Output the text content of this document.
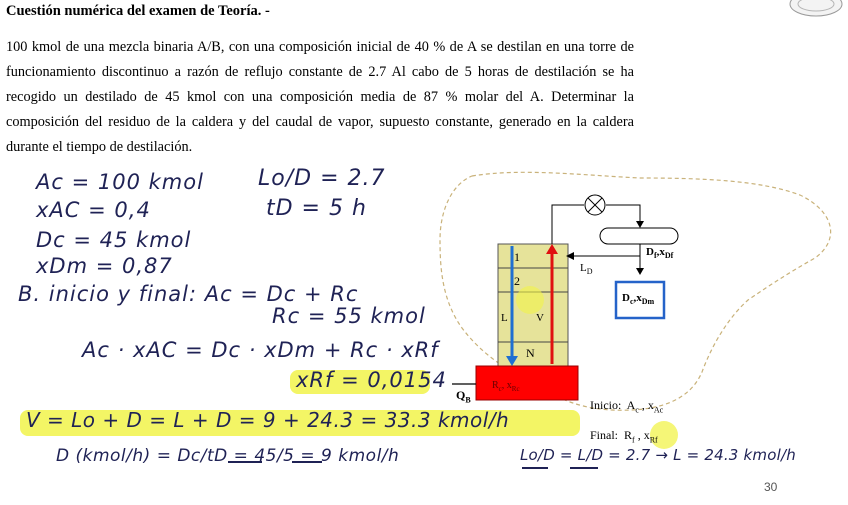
Cuestión numérica del examen de Teoría. -
100 kmol de una mezcla binaria A/B, con una composición inicial de 40 % de A se destilan en una torre de funcionamiento discontinuo a razón de reflujo constante de 2.7 Al cabo de 5 horas de destilación se ha recogido un destilado de 45 kmol con una composición media de 87 % molar del A. Determinar la composición del residuo de la caldera y del caudal de vapor, supuesto constante, generado en la caldera durante el tiempo de destilación.
1
2
N
L	V
$L_D$
$D_f,x_{Df}$
$D_c,x_{Dm}$
$Q_B$
$R_c$, $x_{Rc}$
Inicio: $A_c$ , $x_{Ac}$
Final: $R_f$ , $x_{Rf}$
Ac = 100 kmol
xAC = 0,4
Dc = 45 kmol
xDm = 0,87
Lo/D = 2.7
tD = 5 h
B. inicio y final: Ac = Dc + Rc
Rc = 55 kmol
Ac · xAC = Dc · xDm + Rc · xRf
xRf = 0,0154
V = Lo + D = L + D = 9 + 24.3 = 33.3 kmol/h
D (kmol/h) = Dc/tD = 45/5 = 9 kmol/h	Lo/D = L/D = 2.7 → L = 24.3 kmol/h
30
